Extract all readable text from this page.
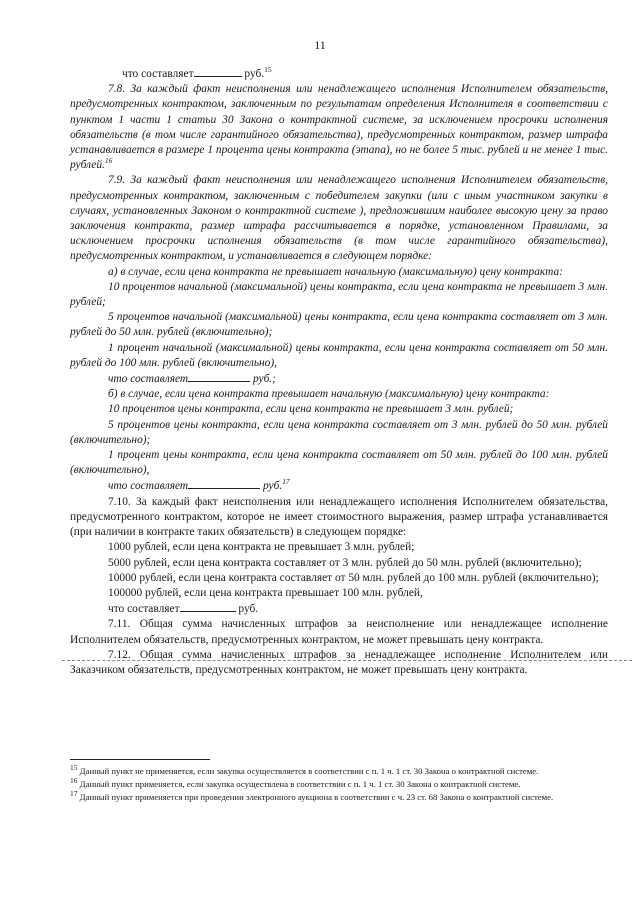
11

что составляет	руб.$^{15}$

7.8. За каждый факт неисполнения или ненадлежащего исполнения Исполнителем обязательств, предусмотренных контрактом, заключенным по результатам определения Исполнителя в соответствии с пунктом 1 части 1 статьи 30 Закона о контрактной системе, за исключением просрочки исполнения обязательств (в том числе гарантийного обязательства), предусмотренных контрактом, размер штрафа устанавливается в размере 1 процента цены контракта (этапа), но не более 5 тыс. рублей и не менее 1 тыс. рублей.$^{16}$

7.9. За каждый факт неисполнения или ненадлежащего исполнения Исполнителем обязательств, предусмотренных контрактом, заключенным с победителем закупки (или с иным участником закупки в случаях, установленных Законом о контрактной системе ), предложившим наиболее высокую цену за право заключения контракта, размер штрафа рассчитывается в порядке, установленном Правилами, за исключением просрочки исполнения обязательств (в том числе гарантийного обязательства), предусмотренных контрактом, и устанавливается в следующем порядке:

а) в случае, если цена контракта не превышает начальную (максимальную) цену контракта:

10 процентов начальной (максимальной) цены контракта, если цена контракта не превышает 3 млн. рублей;

5 процентов начальной (максимальной) цены контракта, если цена контракта составляет от 3 млн. рублей до 50 млн. рублей (включительно);

1 процент начальной (максимальной) цены контракта, если цена контракта составляет от 50 млн. рублей до 100 млн. рублей (включительно),

что составляет	руб.;

б) в случае, если цена контракта превышает начальную (максимальную) цену контракта:

10 процентов цены контракта, если цена контракта не превышает 3 млн. рублей;

5 процентов цены контракта, если цена контракта составляет от 3 млн. рублей до 50 млн. рублей (включительно);

1 процент цены контракта, если цена контракта составляет от 50 млн. рублей до 100 млн. рублей (включительно),

что составляет	руб.$^{17}$

7.10. За каждый факт неисполнения или ненадлежащего исполнения Исполнителем обязательства, предусмотренного контрактом, которое не имеет стоимостного выражения, размер штрафа устанавливается (при наличии в контракте таких обязательств) в следующем порядке:

1000 рублей, если цена контракта не превышает 3 млн. рублей;

5000 рублей, если цена контракта составляет от 3 млн. рублей до 50 млн. рублей (включительно);

10000 рублей, если цена контракта составляет от 50 млн. рублей до 100 млн. рублей (включительно);

100000 рублей, если цена контракта превышает 100 млн. рублей,

что составляет	руб.

7.11. Общая сумма начисленных штрафов за неисполнение или ненадлежащее исполнение Исполнителем обязательств, предусмотренных контрактом, не может превышать цену контракта.

7.12. Общая сумма начисленных штрафов за ненадлежащее исполнение Исполнителем или Заказчиком обязательств, предусмотренных контрактом, не может превышать цену контракта.

$^{15}$ Данный пункт не применяется, если закупка осуществляется в соответствии с п. 1 ч. 1 ст. 30 Закона о контрактной системе.

$^{16}$ Данный пункт применяется, если закупка осуществлена в соответствии с п. 1 ч. 1 ст. 30 Закона о контрактной системе.

$^{17}$ Данный пункт применяется при проведении электронного аукциона в соответствии с ч. 23 ст. 68 Закона о контрактной системе.
